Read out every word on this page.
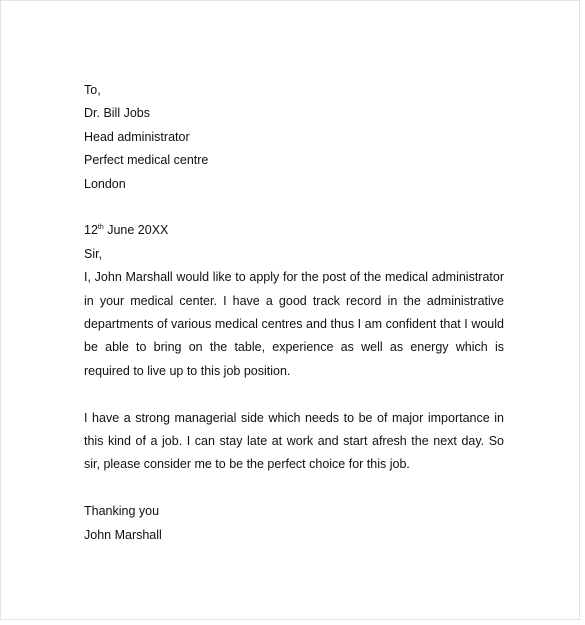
To,
Dr. Bill Jobs
Head administrator
Perfect medical centre
London
12th June 20XX
Sir,

I, John Marshall would like to apply for the post of the medical administrator in your medical center. I have a good track record in the administrative departments of various medical centres and thus I am confident that I would be able to bring on the table, experience as well as energy which is required to live up to this job position.

I have a strong managerial side which needs to be of major importance in this kind of a job. I can stay late at work and start afresh the next day. So sir, please consider me to be the perfect choice for this job.

Thanking you
John Marshall
